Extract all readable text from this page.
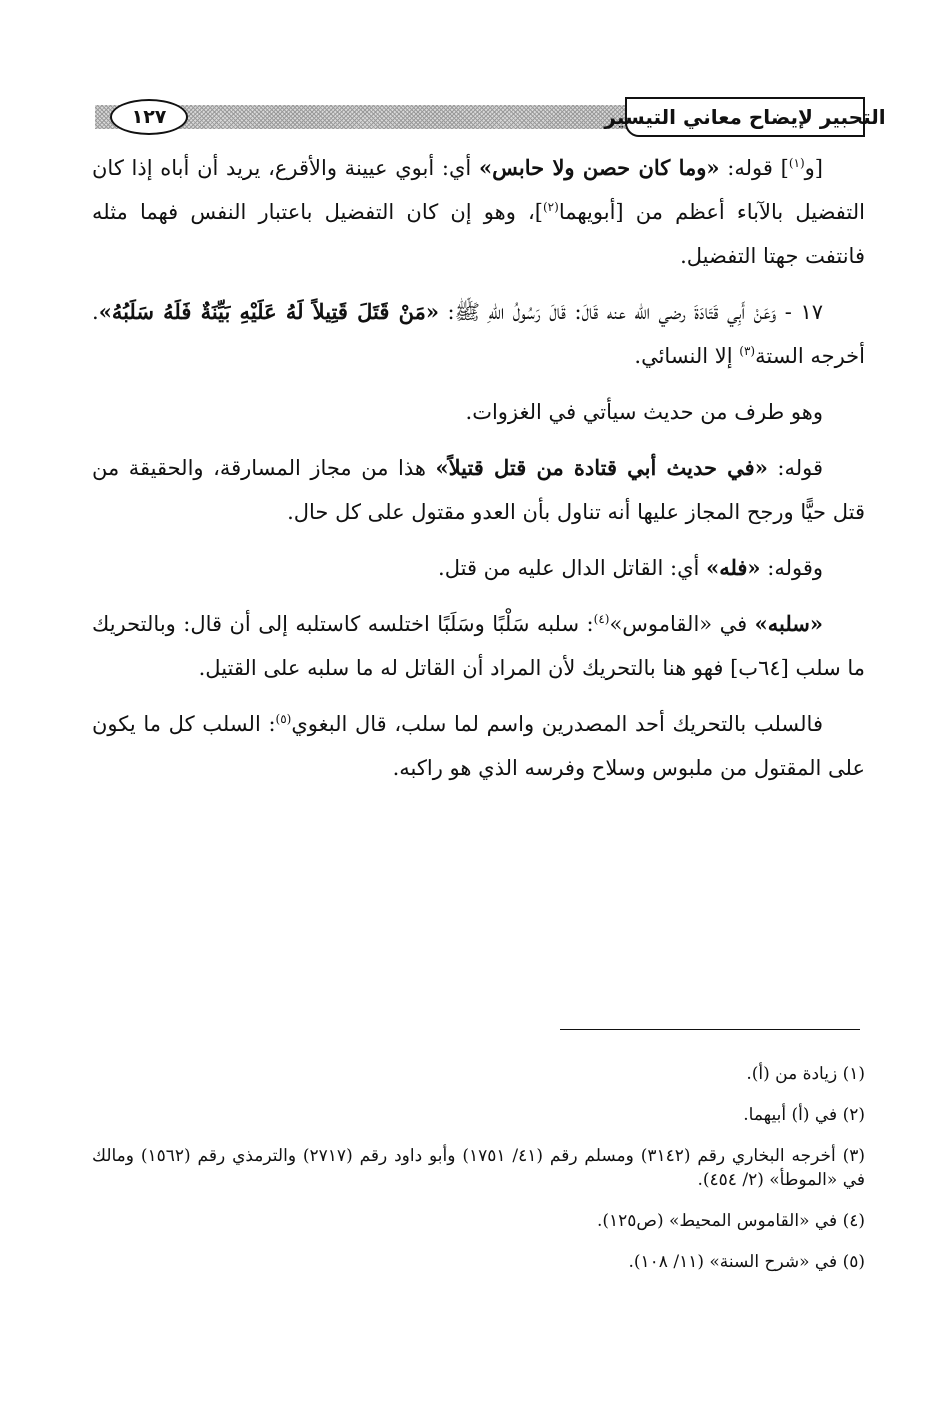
١٢٧	التحبير لإيضاح معاني التيسير

[و$^{(١)}$] قوله: «وما كان حصن ولا حابس» أي: أبوي عيينة والأقرع، يريد أن أباه إذا كان التفضيل بالآباء أعظم من [أبويهما$^{(٢)}$]، وهو إن كان التفضيل باعتبار النفس فهما مثله فانتفت جهتا التفضيل.

١٧ - وَعَنْ أَبِي قَتَادَةَ رضي الله عنه قَالَ: قَالَ رَسُولُ اللهِ ﷺ: «مَنْ قَتَلَ قَتِيلاً لَهُ عَلَيْهِ بَيِّنَةٌ فَلَهُ سَلَبُهُ». أخرجه الستة$^{(٣)}$ إلا النسائي.

وهو طرف من حديث سيأتي في الغزوات.

قوله: «في حديث أبي قتادة من قتل قتيلاً» هذا من مجاز المسارقة، والحقيقة من قتل حيًّا ورجح المجاز عليها أنه تناول بأن العدو مقتول على كل حال.

وقوله: «فله» أي: القاتل الدال عليه من قتل.

«سلبه» في «القاموس»$^{(٤)}$: سلبه سَلْبًا وسَلَبًا اختلسه كاستلبه إلى أن قال: وبالتحريك ما سلب [٦٤ب] فهو هنا بالتحريك لأن المراد أن القاتل له ما سلبه على القتيل.

فالسلب بالتحريك أحد المصدرين واسم لما سلب، قال البغوي$^{(٥)}$: السلب كل ما يكون على المقتول من ملبوس وسلاح وفرسه الذي هو راكبه.

(١) زيادة من (أ).

(٢) في (أ) أبيهما.

(٣) أخرجه البخاري رقم (٣١٤٢) ومسلم رقم (٤١/ ١٧٥١) وأبو داود رقم (٢٧١٧) والترمذي رقم (١٥٦٢) ومالك في «الموطأ» (٢/ ٤٥٤).

(٤) في «القاموس المحيط» (ص١٢٥).

(٥) في «شرح السنة» (١١/ ١٠٨).
